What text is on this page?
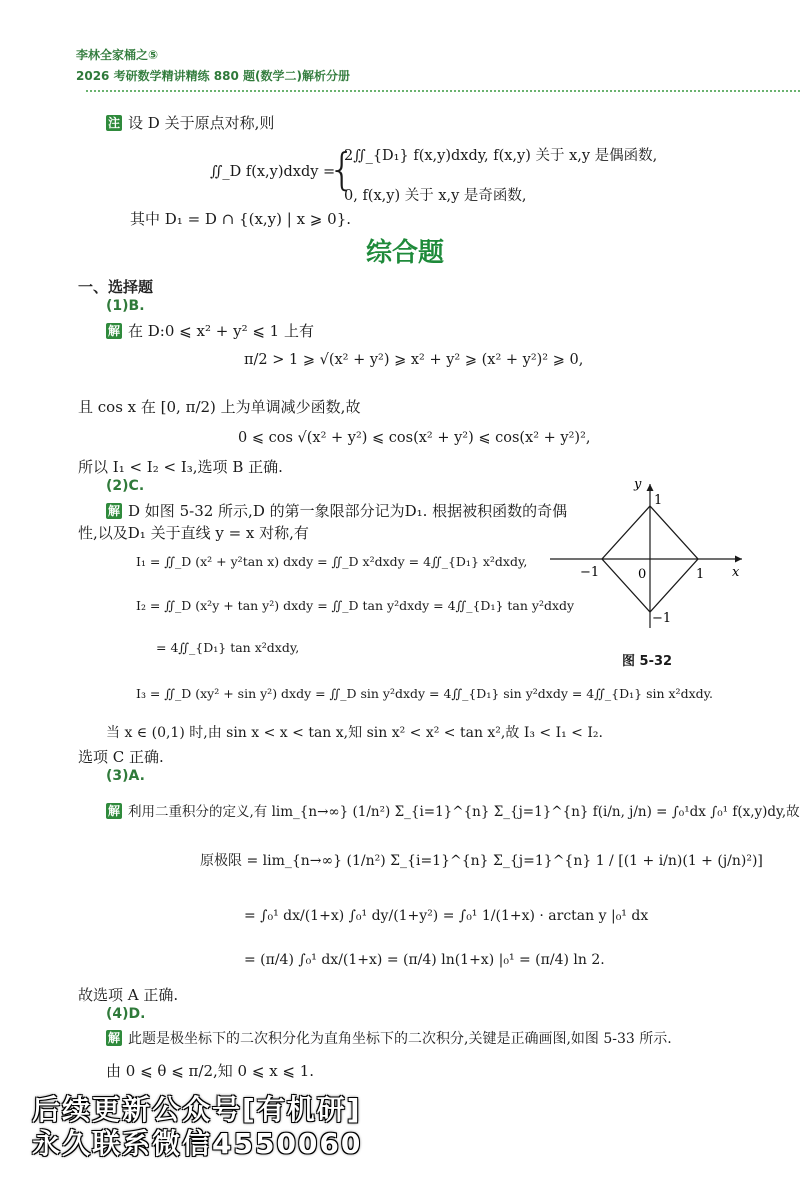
李林全家桶之⑤
2026 考研数学精讲精练 880 题(数学二)解析分册
注 设 D 关于原点对称,则
∬_D f(x,y)dxdy =
{
2∬_{D₁} f(x,y)dxdy, f(x,y) 关于 x,y 是偶函数,
0, f(x,y) 关于 x,y 是奇函数,
其中 D₁ = D ∩ {(x,y) | x ⩾ 0}.
综合题
一、选择题
(1)B.
解 在 D:0 ⩽ x² + y² ⩽ 1 上有
π/2 > 1 ⩾ √(x² + y²) ⩾ x² + y² ⩾ (x² + y²)² ⩾ 0,
且 cos x 在 [0, π/2) 上为单调减少函数,故
0 ⩽ cos √(x² + y²) ⩽ cos(x² + y²) ⩽ cos(x² + y²)²,
所以 I₁ < I₂ < I₃,选项 B 正确.
(2)C.
解 D 如图 5-32 所示,D 的第一象限部分记为D₁. 根据被积函数的奇偶
性,以及D₁ 关于直线 y = x 对称,有
I₁ = ∬_D (x² + y²tan x) dxdy = ∬_D x²dxdy = 4∬_{D₁} x²dxdy,
I₂ = ∬_D (x²y + tan y²) dxdy = ∬_D tan y²dxdy = 4∬_{D₁} tan y²dxdy
= 4∬_{D₁} tan x²dxdy,
I₃ = ∬_D (xy² + sin y²) dxdy = ∬_D sin y²dxdy = 4∬_{D₁} sin y²dxdy = 4∬_{D₁} sin x²dxdy.
当 x ∈ (0,1) 时,由 sin x < x < tan x,知 sin x² < x² < tan x²,故 I₃ < I₁ < I₂.
选项 C 正确.
x
y
0	1
−1
1
−1
图 5-32
(3)A.
解 利用二重积分的定义,有 lim_{n→∞} (1/n²) Σ_{i=1}^{n} Σ_{j=1}^{n} f(i/n, j/n) = ∫₀¹dx ∫₀¹ f(x,y)dy,故
原极限 = lim_{n→∞} (1/n²) Σ_{i=1}^{n} Σ_{j=1}^{n} 1 / [(1 + i/n)(1 + (j/n)²)]
= ∫₀¹ dx/(1+x) ∫₀¹ dy/(1+y²) = ∫₀¹ 1/(1+x) · arctan y |₀¹ dx
= (π/4) ∫₀¹ dx/(1+x) = (π/4) ln(1+x) |₀¹ = (π/4) ln 2.
故选项 A 正确.
(4)D.
解 此题是极坐标下的二次积分化为直角坐标下的二次积分,关键是正确画图,如图 5-33 所示.
由 0 ⩽ θ ⩽ π/2,知 0 ⩽ x ⩽ 1.
后续更新公众号[有机研]
永久联系微信4550060
